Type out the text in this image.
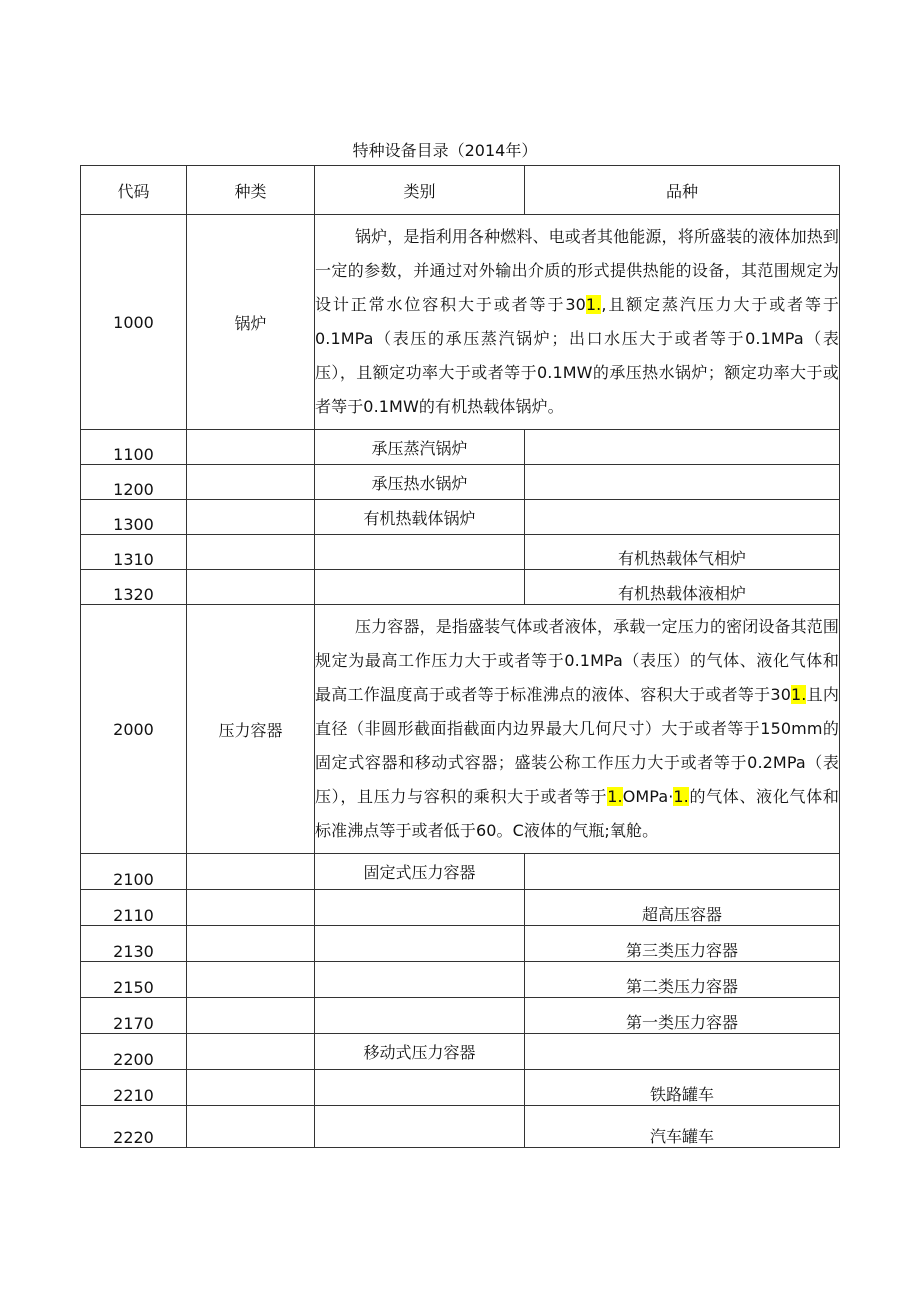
特种设备目录（2014年）
代码	种类	类别	品种
1000	锅炉	锅炉，是指利用各种燃料、电或者其他能源，将所盛装的液体加热到一定的参数，并通过对外输出介质的形式提供热能的设备，其范围规定为设计正常水位容积大于或者等于301.,且额定蒸汽压力大于或者等于0.1MPa（表压的承压蒸汽锅炉；出口水压大于或者等于0.1MPa（表压），且额定功率大于或者等于0.1MW的承压热水锅炉；额定功率大于或者等于0.1MW的有机热载体锅炉。	
1100		承压蒸汽锅炉	
1200		承压热水锅炉	
1300		有机热载体锅炉	
1310			有机热载体气相炉
1320			有机热载体液相炉
2000	压力容器	压力容器，是指盛装气体或者液体，承载一定压力的密闭设备其范围规定为最高工作压力大于或者等于0.1MPa（表压）的气体、液化气体和最高工作温度高于或者等于标准沸点的液体、容积大于或者等于301.且内直径（非圆形截面指截面内边界最大几何尺寸）大于或者等于150mm的固定式容器和移动式容器；盛装公称工作压力大于或者等于0.2MPa（表压），且压力与容积的乘积大于或者等于1.OMPa·1.的气体、液化气体和标准沸点等于或者低于60。C液体的气瓶;氧舱。	
2100		固定式压力容器	
2110			超高压容器
2130			第三类压力容器
2150			第二类压力容器
2170			第一类压力容器
2200		移动式压力容器	
2210			铁路罐车
2220			汽车罐车
